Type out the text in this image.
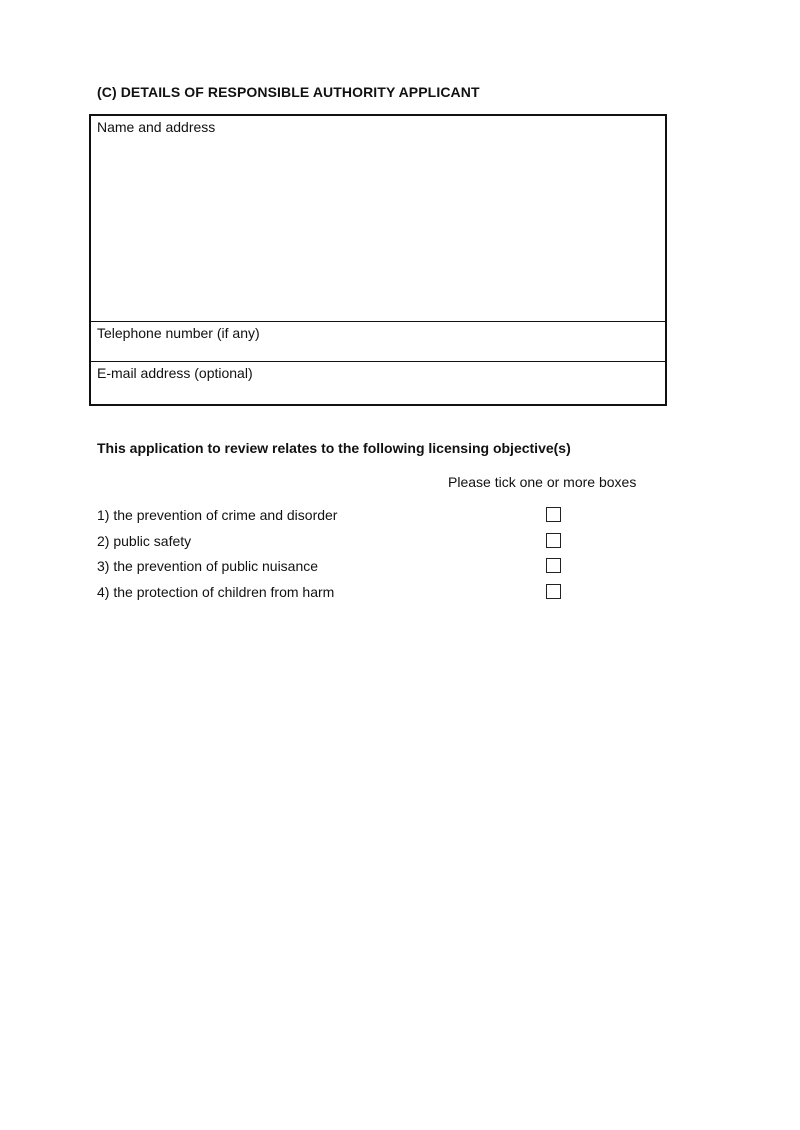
(C) DETAILS OF RESPONSIBLE AUTHORITY APPLICANT
Name and address
Telephone number (if any)
E-mail address (optional)
This application to review relates to the following licensing objective(s)
Please tick one or more boxes
1) the prevention of crime and disorder
2) public safety
3) the prevention of public nuisance
4) the protection of children from harm
